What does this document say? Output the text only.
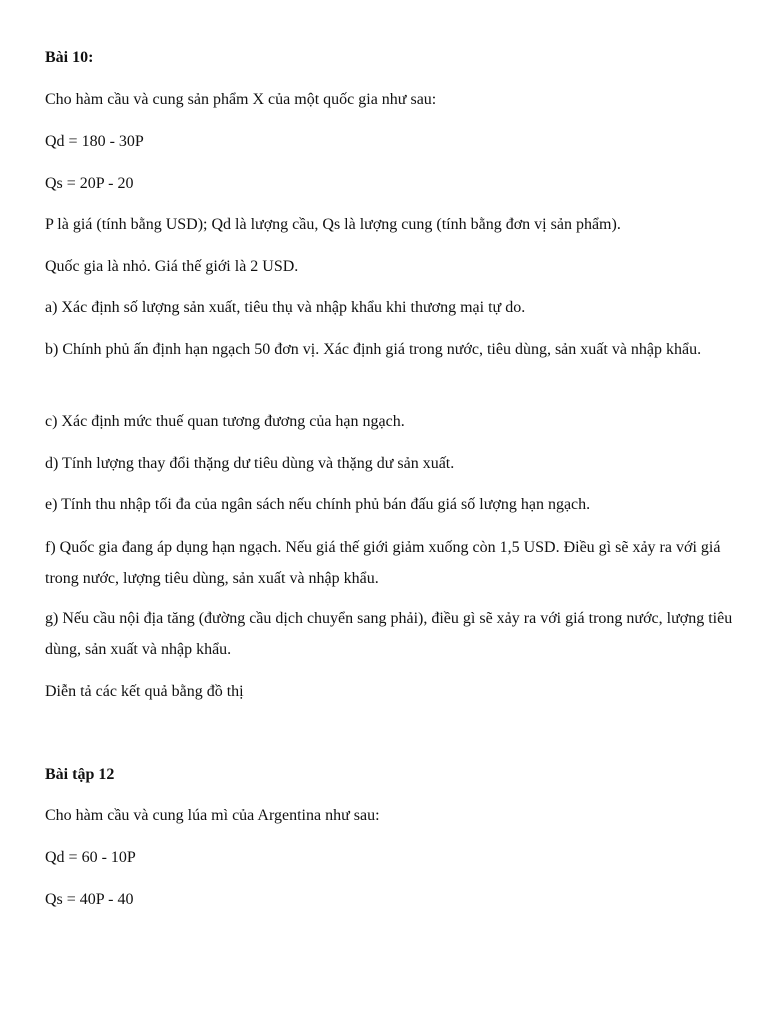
Bài 10:
Cho hàm cầu và cung sản phẩm X của một quốc gia như sau:
Qd = 180 - 30P
Qs = 20P - 20
P là giá (tính bằng USD); Qd là lượng cầu, Qs là lượng cung (tính bằng đơn vị sản phẩm).
Quốc gia là nhỏ. Giá thế giới là 2 USD.
a) Xác định số lượng sản xuất, tiêu thụ và nhập khẩu khi thương mại tự do.
b) Chính phủ ấn định hạn ngạch 50 đơn vị. Xác định giá trong nước, tiêu dùng, sản xuất và nhập khẩu.
c) Xác định mức thuế quan tương đương của hạn ngạch.
d) Tính lượng thay đổi thặng dư tiêu dùng và thặng dư sản xuất.
e) Tính thu nhập tối đa của ngân sách nếu chính phủ bán đấu giá số lượng hạn ngạch.
f) Quốc gia đang áp dụng hạn ngạch. Nếu giá thế giới giảm xuống còn 1,5 USD. Điều gì sẽ xảy ra với giá trong nước, lượng tiêu dùng, sản xuất và nhập khẩu.
g) Nếu cầu nội địa tăng (đường cầu dịch chuyển sang phải), điều gì sẽ xảy ra với giá trong nước, lượng tiêu dùng, sản xuất và nhập khẩu.
Diễn tả các kết quả bằng đồ thị
Bài tập 12
Cho hàm cầu và cung lúa mì của Argentina như sau:
Qd = 60 - 10P
Qs = 40P - 40
